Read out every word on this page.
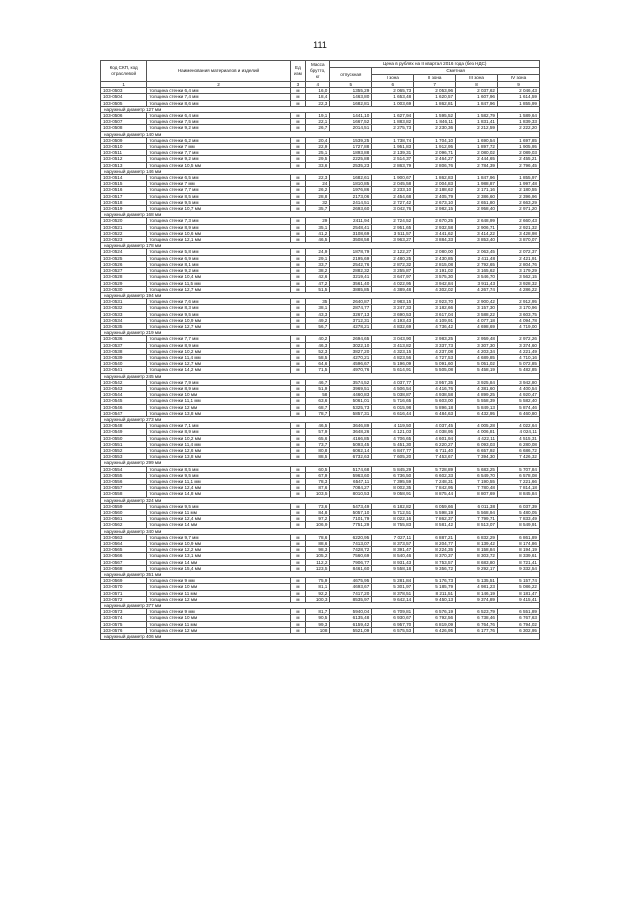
111
Код СКП, код отраслевой	Наименования материалов и изделий	Ед изм	Масса брутто, кг	Цена в рублях на II квартал 2016 года (без НДС)				
				отпускная	Сметная			
					I зона	II зона	III зона	IV зона
1	2	3	4	5	6	7	8	9
103-0503	толщина стенки 6,4 мм	м	16,0	1355,29	2 065,73	2 053,96	2 037,62	2 046,43
103-0504	толщина стенки 7,4 мм	м	18,4	1463,80	1 653,48	1 620,57	1 607,96	1 614,59
103-0505	толщина стенки 8,6 мм	м	22,3	1682,81	1 003,69	1 862,81	1 847,96	1 855,99
наружный диаметр 127 мм								
103-0506	толщина стенки 6,4 мм	м	19,1	1441,10	1 627,94	1 595,52	1 582,79	1 589,64
103-0507	толщина стенки 7,5 мм	м	22,1	1667,52	1 883,82	1 846,11	1 831,41	1 839,33
103-0508	толщина стенки 9,2 мм	м	26,7	2014,51	2 275,73	2 230,36	2 212,59	2 222,20
наружный диаметр 140 мм								
103-0509	толщина стенки 6,2 мм	м	20,4	1539,25	1 738,74	1 704,10	1 690,54	1 697,85
103-0510	толщина стенки 7 мм	м	22,9	1727,88	1 951,83	1 912,95	1 897,72	1 905,95
103-0511	толщина стенки 7,7 мм	м	25,1	1893,88	2 139,31	2 096,71	2 080,02	2 089,03
103-0512	толщина стенки 9,2 мм	м	29,5	2225,88	2 514,37	2 464,27	2 444,65	2 455,21
103-0513	толщина стенки 10,5 мм	м	33,6	2535,23	2 863,79	2 806,76	2 784,39	2 796,45
наружный диаметр 146 мм								
103-0514	толщина стенки 6,5 мм	м	22,3	1682,61	1 900,67	1 862,83	1 847,96	1 855,97
103-0515	толщина стенки 7 мм	м	24	1810,85	2 045,58	2 004,83	1 988,87	1 997,48
103-0516	толщина стенки 7,7 мм	м	26,2	1976,86	2 233,10	2 188,62	2 171,16	2 180,55
103-0517	толщина стенки 8,5 мм	м	28,8	2173,06	2 454,68	2 405,79	2 386,60	2 396,96
103-0518	толщина стенки 9,5 мм	м	32	2414,51	2 727,42	2 673,10	2 651,80	2 663,29
103-0519	толщина стенки 10,7 мм	м	35,7	2693,60	3 042,76	2 982,15	2 958,40	2 971,20
наружный диаметр 168 мм								
103-0520	толщина стенки 7,3 мм	м	29	2411,94	2 724,52	2 670,25	2 648,99	2 660,43
103-0521	толщина стенки 8,9 мм	м	35,1	2548,41	2 951,65	2 932,58	2 906,71	2 921,32
103-0522	толщина стенки 10,6 мм	м	41,2	3108,69	3 511,57	3 441,62	3 414,22	3 428,98
103-0523	толщина стенки 12,1 мм	м	46,5	3508,58	3 963,27	3 884,33	3 853,40	3 870,07
наружный диаметр 178 мм								
103-0524	толщина стенки 5,8 мм	м	24,9	1878,79	2 122,27	2 080,00	2 063,45	2 072,37
103-0525	толщина стенки 6,9 мм	м	29,1	2195,69	2 480,25	2 430,85	2 411,48	2 421,91
103-0526	толщина стенки 8,1 мм	м	33,7	2542,76	2 872,32	2 815,08	2 792,65	2 804,76
103-0527	толщина стенки 9,2 мм	м	38,2	2882,32	3 255,87	3 191,02	3 165,62	3 179,29
103-0528	толщина стенки 10,4 мм	м	42,6	3219,41	3 647,97	3 575,30	3 546,70	3 562,15
103-0529	толщина стенки 11,5 мм	м	47,2	3561,40	4 022,95	3 942,84	3 911,43	3 928,32
103-0530	толщина стенки 12,7 мм	м	51,5	3885,85	4 389,48	4 302,02	4 267,74	4 286,22
наружный диаметр 194 мм								
103-0531	толщина стенки 7,6 мм	м	35	2640,87	2 983,15	2 923,70	2 900,42	2 912,95
103-0532	толщина стенки 8,3 мм	м	38,1	2874,77	3 247,33	3 182,66	3 157,30	3 170,96
103-0533	толщина стенки 9,5 мм	м	43,3	3267,13	3 690,53	3 617,04	3 588,22	3 603,75
103-0534	толщина стенки 10,9 мм	м	49,2	3712,31	4 193,43	4 109,91	4 077,18	4 094,78
103-0535	толщина стенки 12,7 мм	м	56,7	4278,21	4 832,69	4 736,42	4 698,69	4 719,00
наружный диаметр 219 мм								
103-0536	толщина стенки 7,7 мм	м	40,2	2694,65	3 043,90	2 983,25	2 959,48	2 972,26
103-0537	толщина стенки 8,9 мм	м	46,3	3022,10	3 413,82	3 337,73	3 307,30	3 374,60
103-0538	толщина стенки 10,2 мм	м	52,3	3827,20	4 323,15	4 237,08	4 203,34	4 221,49
103-0539	толщина стенки 11,4 мм	м	58,5	4270,21	4 823,56	4 727,53	4 689,85	4 710,16
103-0540	толщина стенки 12,7 мм	м	64,6	4596,67	5 196,09	5 091,60	5 051,02	5 072,85
103-0541	толщина стенки 14,2 мм	м	71,5	4970,76	5 614,91	5 505,08	5 458,19	5 482,85
наружный диаметр 245 мм								
103-0542	толщина стенки 7,9 мм	м	46,7	3574,52	4 037,77	3 957,35	3 925,84	3 942,80
103-0543	толщина стенки 8,9 мм	м	51,9	3969,51	4 506,54	4 416,76	4 381,60	4 400,54
103-0544	толщина стенки 10 мм	м	58	4460,83	5 038,87	4 938,58	4 899,25	4 920,47
103-0545	толщина стенки 11,1 мм	м	63,6	5061,01	5 716,65	5 603,00	5 558,39	5 582,40
103-0546	толщина стенки 12 мм	м	68,7	5325,73	6 015,98	5 896,18	5 849,13	5 874,46
103-0547	толщина стенки 13,8 мм	м	78,7	5857,31	6 616,44	6 484,63	6 432,95	6 460,80
наружный диаметр 273 мм								
103-0548	толщина стенки 7,1 мм	м	46,5	3646,89	4 119,50	4 037,45	4 005,28	4 022,64
103-0549	толщина стенки 8,9 мм	м	57,9	3648,26	4 121,03	4 038,95	4 006,81	4 024,11
103-0550	толщина стенки 10,2 мм	м	65,6	4166,85	4 706,65	4 601,94	4 422,11	4 515,31
103-0551	толщина стенки 11,4 мм	м	73,7	5093,45	5 451,30	6 220,27	6 093,03	6 280,08
103-0552	толщина стенки 12,6 мм	м	80,8	6062,14	6 847,77	6 711,40	6 657,92	6 686,72
103-0553	толщина стенки 13,8 мм	м	88,5	6732,63	7 605,20	7 453,67	7 394,30	7 426,32
наружный диаметр 299 мм								
103-0554	толщина стенки 8,5 мм	м	60,5	5174,68	5 845,29	5 728,89	5 683,25	5 707,84
103-0555	толщина стенки 9,5 мм	м	67,9	5963,60	6 736,50	6 602,33	6 549,70	6 578,08
103-0556	толщина стенки 11,1 мм	м	78,3	6547,11	7 395,59	7 248,31	7 190,55	7 221,66
103-0557	толщина стенки 12,4 мм	м	87,6	7084,27	8 002,35	7 842,95	7 780,48	7 814,18
103-0558	толщина стенки 14,8 мм	м	103,5	8010,53	9 058,91	8 875,44	8 807,69	8 845,84
наружный диаметр 324 мм								
103-0559	толщина стенки 9,5 мм	м	73,6	5473,49	6 182,82	6 059,66	6 011,38	6 037,39
103-0560	толщина стенки 11 мм	м	84,8	5057,10	5 712,51	5 598,19	5 568,94	5 480,05
103-0561	толщина стенки 12,4 мм	м	97,2	7101,79	8 022,16	7 862,37	7 799,71	7 833,49
103-0562	толщина стенки 14 мм	м	106,9	7751,29	8 755,83	8 581,42	8 513,07	8 549,91
наружный диаметр 340 мм								
103-0563	толщина стенки 9,7 мм	м	78,6	6220,95	7 027,11	6 887,21	6 832,29	6 861,89
103-0564	толщина стенки 10,9 мм	м	88,6	7413,07	8 373,57	8 204,77	8 139,42	8 174,86
103-0565	толщина стенки 12,2 мм	м	98,3	7428,72	8 391,47	8 224,35	8 158,84	8 194,19
103-0566	толщина стенки 13,1 мм	м	105,2	7560,69	8 540,46	8 370,37	8 303,72	8 339,61
103-0567	толщина стенки 14 мм	м	112,2	7906,77	8 931,43	8 753,57	8 683,80	8 721,41
103-0568	толщина стенки 15,4 мм	м	123,5	8461,60	9 558,18	9 356,72	9 292,17	9 332,54
наружный диаметр 351 мм								
103-0569	толщина стенки 9 мм	м	75,9	4675,95	5 281,84	5 176,73	5 135,51	5 157,74
103-0570	толщина стенки 10 мм	м	81,1	4693,67	5 301,97	5 185,79	4 981,23	5 086,22
103-0571	толщина стенки 11 мм	м	92,2	7417,20	8 378,51	8 211,51	8 146,19	8 181,47
103-0572	толщина стенки 12 мм	м	100,3	8535,97	9 642,14	9 450,13	9 374,89	9 415,41
наружный диаметр 377 мм								
103-0573	толщина стенки 9 мм	м	81,7	5940,04	6 709,81	6 576,19	6 523,79	6 551,89
103-0574	толщина стенки 10 мм	м	90,5	6135,48	6 930,67	6 792,56	6 738,46	6 767,63
103-0575	толщина стенки 11 мм	м	99,3	6159,42	6 957,70	6 819,09	6 764,76	6 794,02
103-0576	толщина стенки 12 мм	м	108	5521,09	6 575,53	6 426,95	6 177,76	6 302,95
наружный диаметр 406 мм								
